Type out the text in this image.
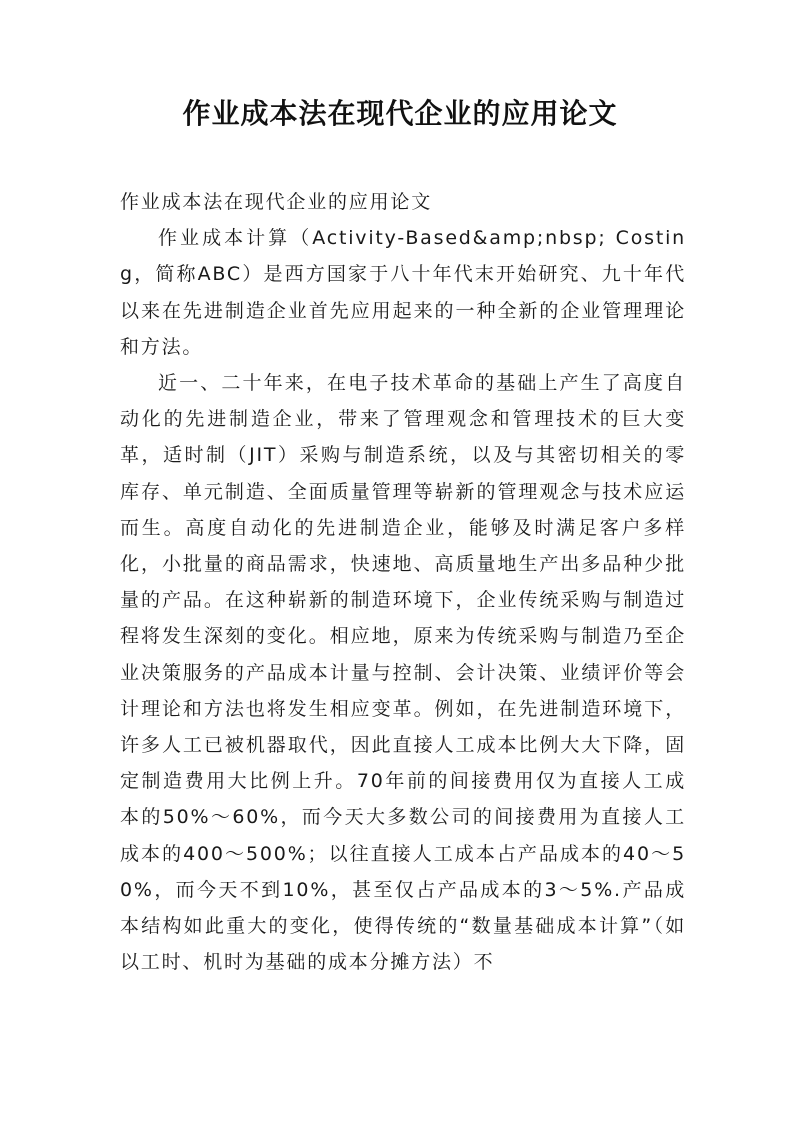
作业成本法在现代企业的应用论文

作业成本法在现代企业的应用论文

作业成本计算（Activity-Based&amp;nbsp; Costing，简称ABC）是西方国家于八十年代末开始研究、九十年代以来在先进制造企业首先应用起来的一种全新的企业管理理论和方法。

近一、二十年来，在电子技术革命的基础上产生了高度自动化的先进制造企业，带来了管理观念和管理技术的巨大变革，适时制（JIT）采购与制造系统，以及与其密切相关的零库存、单元制造、全面质量管理等崭新的管理观念与技术应运而生。高度自动化的先进制造企业，能够及时满足客户多样化，小批量的商品需求，快速地、高质量地生产出多品种少批量的产品。在这种崭新的制造环境下，企业传统采购与制造过程将发生深刻的变化。相应地，原来为传统采购与制造乃至企业决策服务的产品成本计量与控制、会计决策、业绩评价等会计理论和方法也将发生相应变革。例如，在先进制造环境下，许多人工已被机器取代，因此直接人工成本比例大大下降，固定制造费用大比例上升。70年前的间接费用仅为直接人工成本的50%～60%，而今天大多数公司的间接费用为直接人工成本的400～500%；以往直接人工成本占产品成本的40～50%，而今天不到10%，甚至仅占产品成本的3～5%.产品成本结构如此重大的变化，使得传统的“数量基础成本计算”（如以工时、机时为基础的成本分摊方法）不
